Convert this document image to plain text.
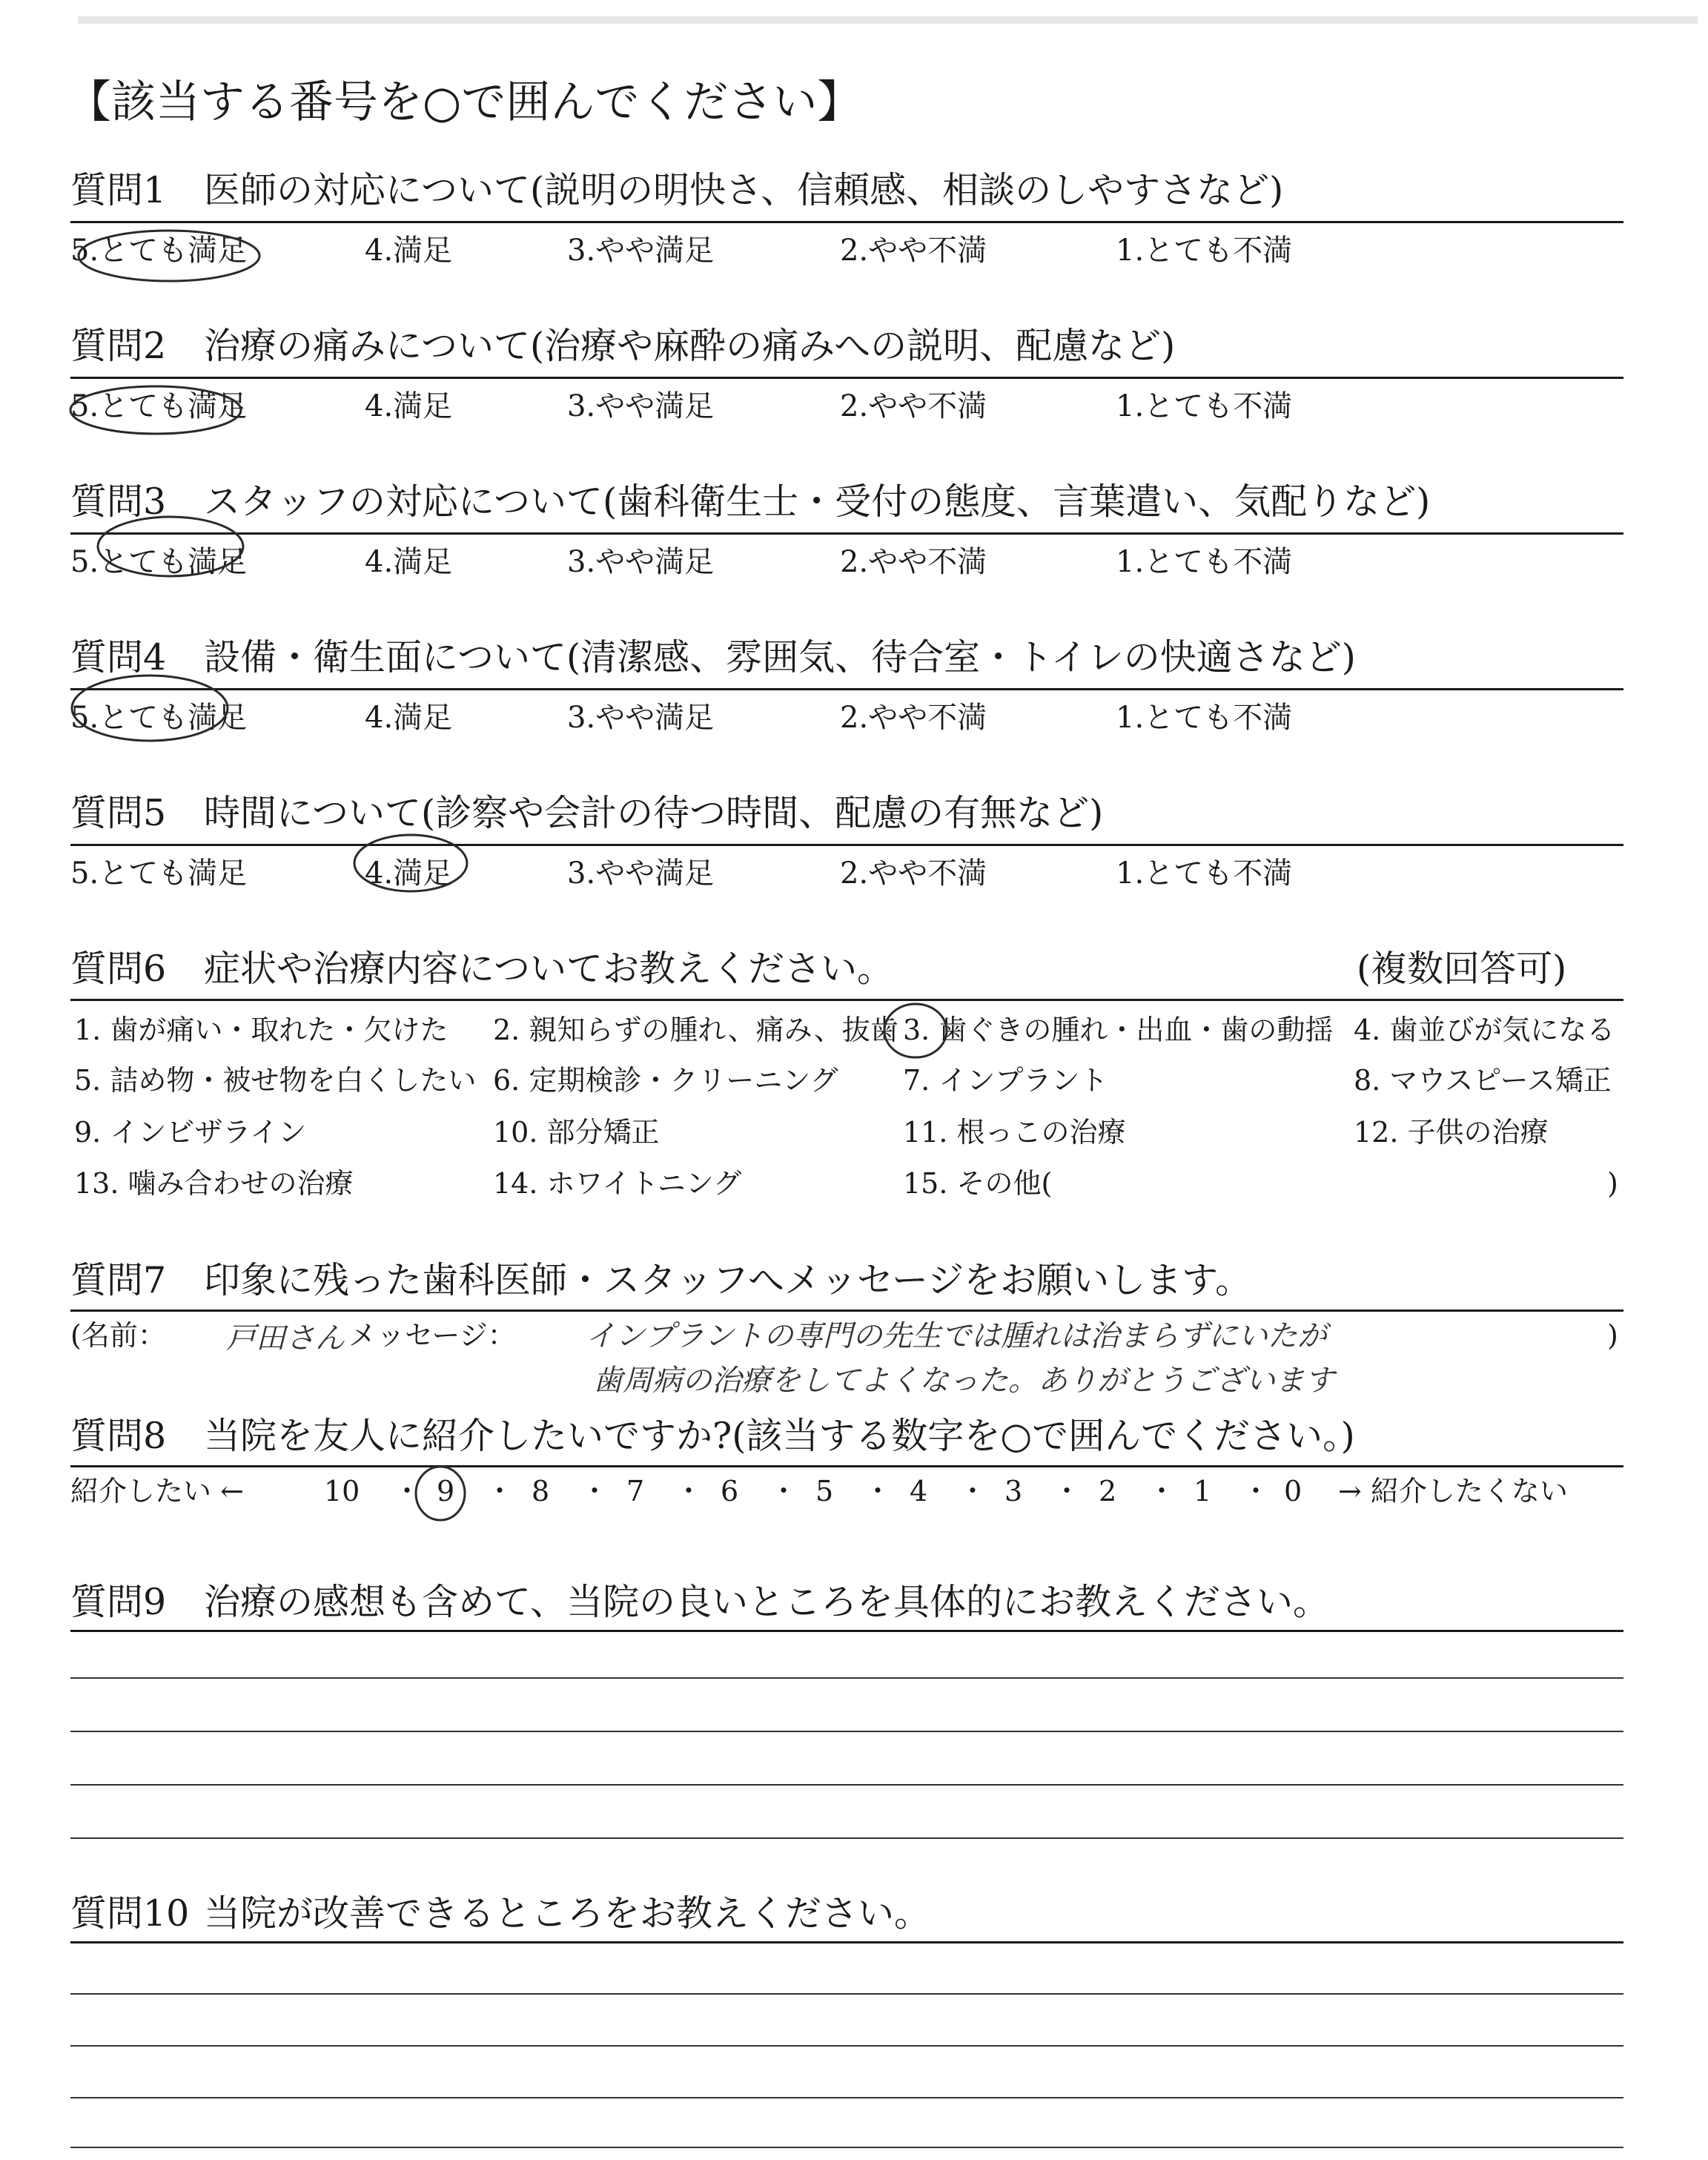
【該当する番号を○で囲んでください】
質問1 医師の対応について(説明の明快さ、信頼感、相談のしやすさなど)
5.とても満足	4.満足	3.やや満足	2.やや不満	1.とても不満
質問2 治療の痛みについて(治療や麻酔の痛みへの説明、配慮など)
5.とても満足	4.満足	3.やや満足	2.やや不満	1.とても不満
質問3 スタッフの対応について(歯科衛生士・受付の態度、言葉遣い、気配りなど)
5.とても満足	4.満足	3.やや満足	2.やや不満	1.とても不満
質問4 設備・衛生面について(清潔感、雰囲気、待合室・トイレの快適さなど)
5.とても満足	4.満足	3.やや満足	2.やや不満	1.とても不満
質問5 時間について(診察や会計の待つ時間、配慮の有無など)
5.とても満足	4.満足	3.やや満足	2.やや不満	1.とても不満
質問6 症状や治療内容についてお教えください。	(複数回答可)
1. 歯が痛い・取れた・欠けた 2. 親知らずの腫れ、痛み、抜歯 3. 歯ぐきの腫れ・出血・歯の動揺 4. 歯並びが気になる
5. 詰め物・被せ物を白くしたい 6. 定期検診・クリーニング 7. インプラント	8. マウスピース矯正
9. インビザライン	10. 部分矯正	11. 根っこの治療	12. 子供の治療
13. 噛み合わせの治療	14. ホワイトニング	15. その他(	)
質問7 印象に残った歯科医師・スタッフへメッセージをお願いします。
(名前： 戸田さん メッセージ： インプラントの専門の先生では腫れは治まらずにいたが
歯周病の治療をしてよくなった。ありがとうございます
)
質問8 当院を友人に紹介したいですか?(該当する数字を○で囲んでください。)
紹介したい ←	→ 紹介したくない
10 ・ 9 ・ 8 ・ 7 ・ 6 ・ 5 ・ 4 ・ 3 ・ 2 ・ 1 ・ 0
質問9 治療の感想も含めて、当院の良いところを具体的にお教えください。
質問10 当院が改善できるところをお教えください。
